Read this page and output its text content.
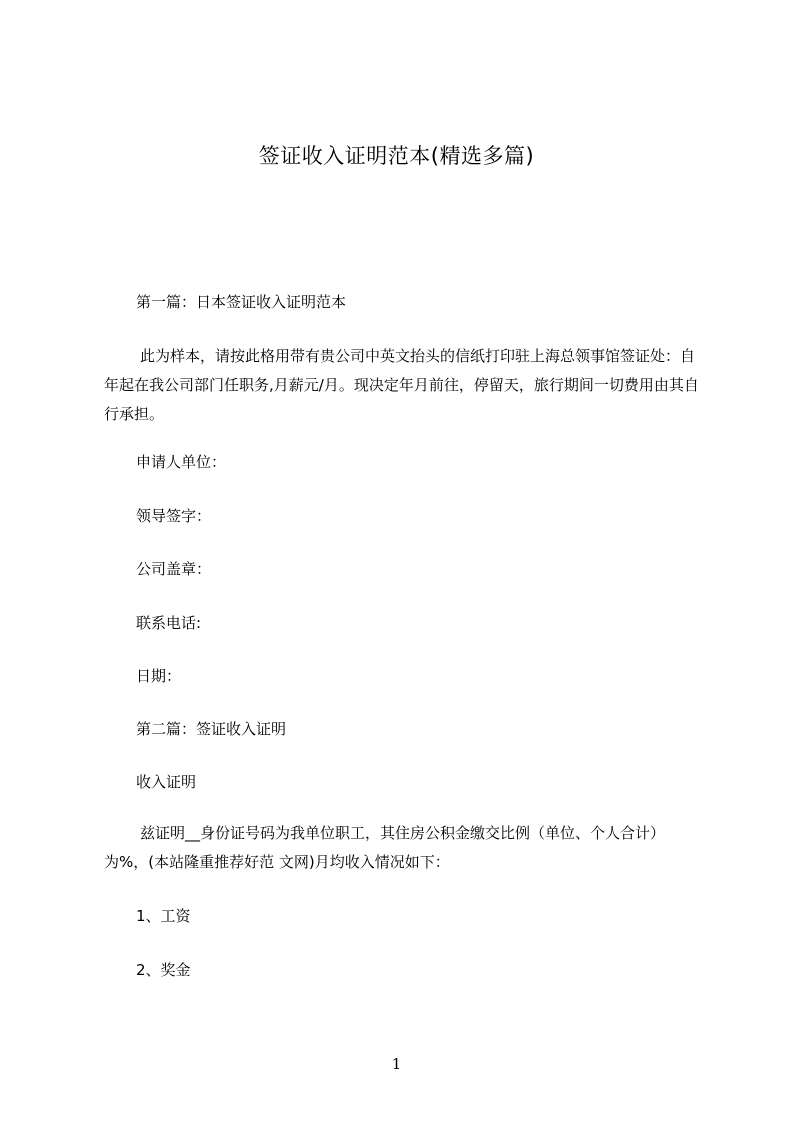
签证收入证明范本(精选多篇)
第一篇：日本签证收入证明范本
此为样本，请按此格用带有贵公司中英文抬头的信纸打印驻上海总领事馆签证处：自年起在我公司部门任职务,月薪元/月。现决定年月前往，停留天，旅行期间一切费用由其自行承担。
申请人单位：
领导签字：
公司盖章：
联系电话:
日期：
第二篇：签证收入证明
收入证明
兹证明__身份证号码为我单位职工，其住房公积金缴交比例（单位、个人合计）为%，(本站隆重推荐好范 文网)月均收入情况如下：
1、工资
2、奖金
1
